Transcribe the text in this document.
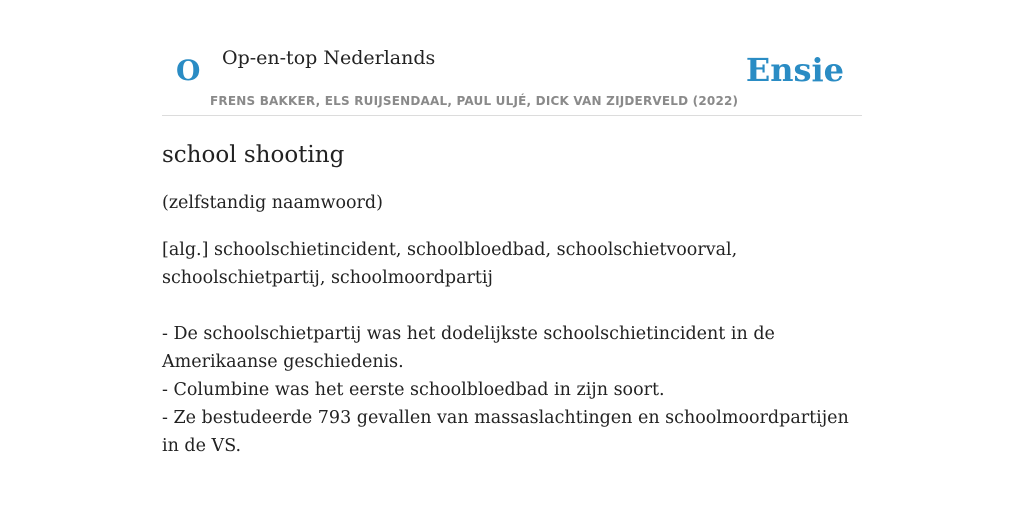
O Op-en-top Nederlands
FRENS BAKKER, ELS RUIJSENDAAL, PAUL ULJÉ, DICK VAN ZIJDERVELD (2022)
Ensie
school shooting
(zelfstandig naamwoord)
[alg.] schoolschietincident, schoolbloedbad, schoolschietvoorval, schoolschietpartij, schoolmoordpartij
- De schoolschietpartij was het dodelijkste schoolschietincident in de Amerikaanse geschiedenis.
- Columbine was het eerste schoolbloedbad in zijn soort.
- Ze bestudeerde 793 gevallen van massaslachtingen en schoolmoordpartijen in de VS.
